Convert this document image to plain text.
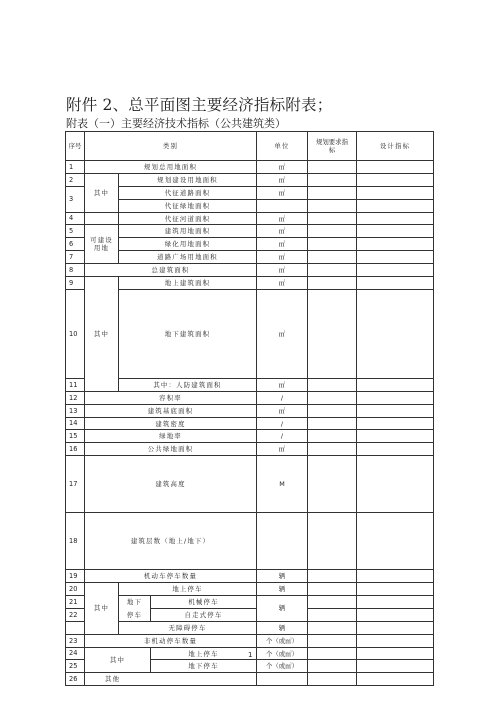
附件 2、总平面图主要经济指标附表；
附表（一）主要经济技术指标（公共建筑类）
序号	类别			单位	规划要求指标	设计指标	
1	规划总用地面积			㎡			
2	其中	规划建设用地面积		㎡			
3		代征道路面积		㎡			
		代征绿地面积					
4		代征河道面积		㎡			
5	可建设用地	建筑用地面积		㎡			
6		绿化用地面积		㎡			
7		道路广场用地面积		㎡			
8	总建筑面积			㎡			
9	其中	地上建筑面积		㎡			
10		地下建筑面积		㎡			
11		其中：人防建筑面积		㎡			
12	容积率			/			
13	建筑基底面积			㎡			
14	建筑密度			/			
15	绿地率			/			
16	公共绿地面积			㎡			
17	建筑高度			M			
18	建筑层数（地上/地下）				
19	机动车停车数量			辆			
20	其中	地上停车		辆			
21		地下	机械停车	辆			
22		停车	自走式停车				
		无障碍停车		辆			
23	非机动停车数量			个（或㎡）			
24	其中		地上停车	个（或㎡）			
25			地下停车	个（或㎡）			
26	其他						
1
